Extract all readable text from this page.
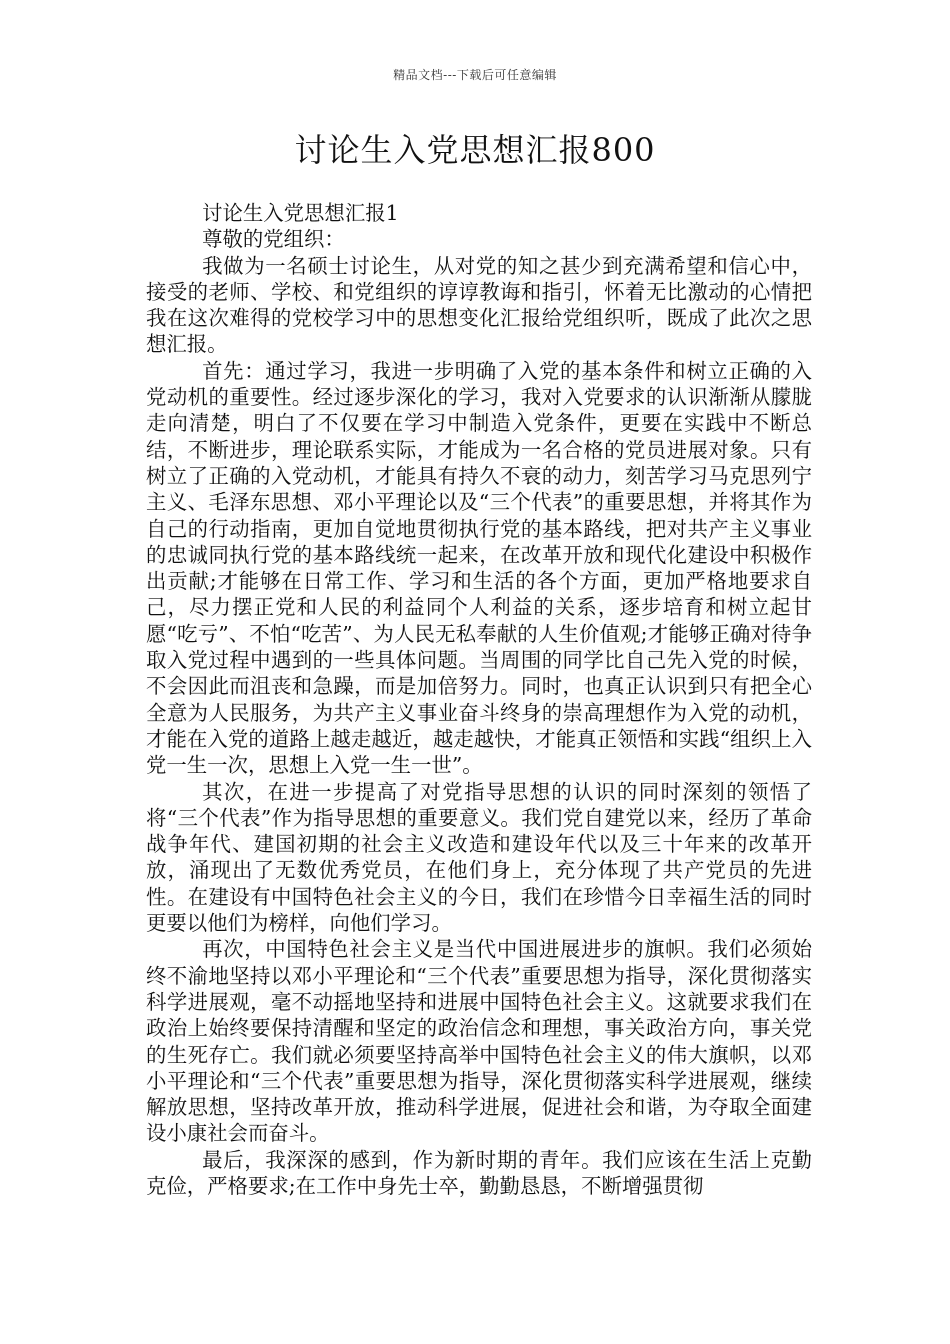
精品文档---下载后可任意编辑
讨论生入党思想汇报800

讨论生入党思想汇报1

尊敬的党组织：

我做为一名硕士讨论生，从对党的知之甚少到充满希望和信心中，接受的老师、学校、和党组织的谆谆教诲和指引，怀着无比激动的心情把我在这次难得的党校学习中的思想变化汇报给党组织听，既成了此次之思想汇报。

首先：通过学习，我进一步明确了入党的基本条件和树立正确的入党动机的重要性。经过逐步深化的学习，我对入党要求的认识渐渐从朦胧走向清楚，明白了不仅要在学习中制造入党条件，更要在实践中不断总结，不断进步，理论联系实际，才能成为一名合格的党员进展对象。只有树立了正确的入党动机，才能具有持久不衰的动力，刻苦学习马克思列宁主义、毛泽东思想、邓小平理论以及“三个代表”的重要思想，并将其作为自己的行动指南，更加自觉地贯彻执行党的基本路线，把对共产主义事业的忠诚同执行党的基本路线统一起来，在改革开放和现代化建设中积极作出贡献;才能够在日常工作、学习和生活的各个方面，更加严格地要求自己，尽力摆正党和人民的利益同个人利益的关系，逐步培育和树立起甘愿“吃亏”、不怕“吃苦”、为人民无私奉献的人生价值观;才能够正确对待争取入党过程中遇到的一些具体问题。当周围的同学比自己先入党的时候，不会因此而沮丧和急躁，而是加倍努力。同时，也真正认识到只有把全心全意为人民服务，为共产主义事业奋斗终身的崇高理想作为入党的动机，才能在入党的道路上越走越近，越走越快，才能真正领悟和实践“组织上入党一生一次，思想上入党一生一世”。

其次，在进一步提高了对党指导思想的认识的同时深刻的领悟了将“三个代表”作为指导思想的重要意义。我们党自建党以来，经历了革命战争年代、建国初期的社会主义改造和建设年代以及三十年来的改革开放，涌现出了无数优秀党员，在他们身上，充分体现了共产党员的先进性。在建设有中国特色社会主义的今日，我们在珍惜今日幸福生活的同时更要以他们为榜样，向他们学习。

再次，中国特色社会主义是当代中国进展进步的旗帜。我们必须始终不渝地坚持以邓小平理论和“三个代表”重要思想为指导，深化贯彻落实科学进展观，毫不动摇地坚持和进展中国特色社会主义。这就要求我们在政治上始终要保持清醒和坚定的政治信念和理想，事关政治方向，事关党的生死存亡。我们就必须要坚持高举中国特色社会主义的伟大旗帜，以邓小平理论和“三个代表”重要思想为指导，深化贯彻落实科学进展观，继续解放思想，坚持改革开放，推动科学进展，促进社会和谐，为夺取全面建设小康社会而奋斗。

最后，我深深的感到，作为新时期的青年。我们应该在生活上克勤克俭，严格要求;在工作中身先士卒，勤勤恳恳，不断增强贯彻
